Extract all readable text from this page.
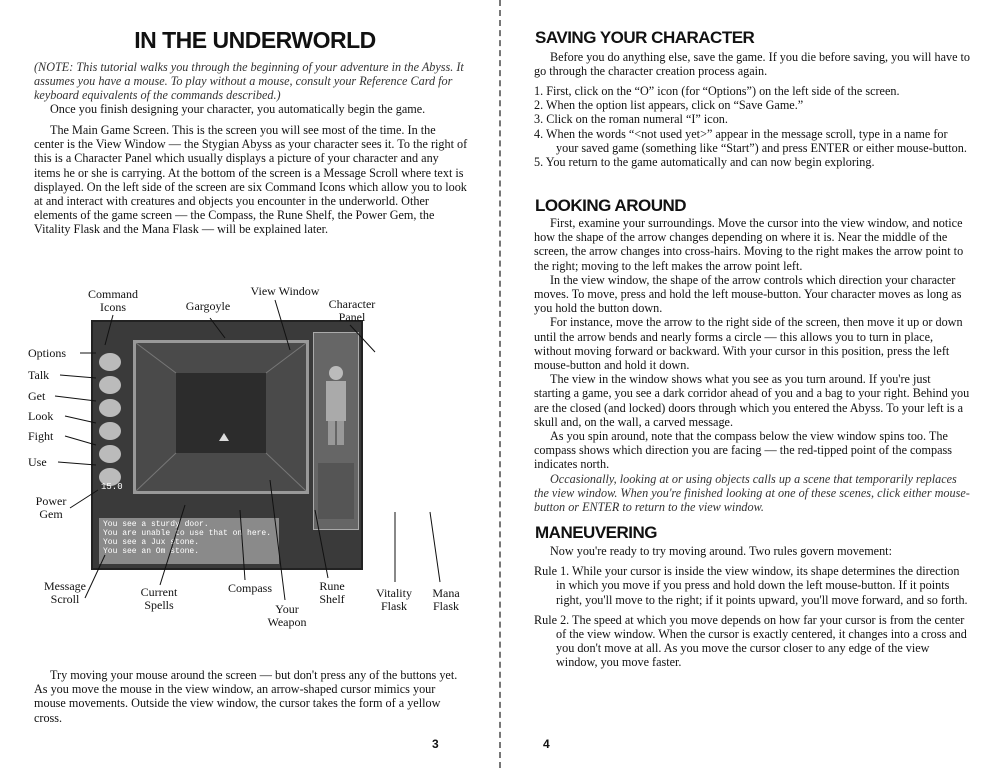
IN THE UNDERWORLD
(NOTE: This tutorial walks you through the beginning of your adventure in the Abyss. It assumes you have a mouse. To play without a mouse, consult your Reference Card for keyboard equivalents of the commands described.)

Once you finish designing your character, you automatically begin the game.

The Main Game Screen. This is the screen you will see most of the time. In the center is the View Window — the Stygian Abyss as your character sees it. To the right of this is a Character Panel which usually displays a picture of your character and any items he or she is carrying. At the bottom of the screen is a Message Scroll where text is displayed. On the left side of the screen are six Command Icons which allow you to look at and interact with creatures and objects you encounter in the underworld. Other elements of the game screen — the Compass, the Rune Shelf, the Power Gem, the Vitality Flask and the Mana Flask — will be explained later.

15.0
You see a sturdy door.
You are unable to use that on here.
You see a Jux stone.
You see an Om stone.
Command Icons	Gargoyle
View Window
Character Panel
Options
Talk
Get
Look
Fight
Use
Power Gem
Message Scroll	Current Spells
Compass
Your Weapon
Rune Shelf	Vitality Flask
Mana Flask

Try moving your mouse around the screen — but don't press any of the buttons yet. As you move the mouse in the view window, an arrow-shaped cursor mimics your mouse movements. Outside the view window, the cursor takes the form of a yellow cross.

3
SAVING YOUR CHARACTER

Before you do anything else, save the game. If you die before saving, you will have to go through the character creation process again.

1. First, click on the “O” icon (for “Options”) on the left side of the screen.
2. When the option list appears, click on “Save Game.”
3. Click on the roman numeral “I” icon.
4. When the words “<not used yet>” appear in the message scroll, type in a name for your saved game (something like “Start”) and press ENTER or either mouse-button.
5. You return to the game automatically and can now begin exploring.
LOOKING AROUND

First, examine your surroundings. Move the cursor into the view window, and notice how the shape of the arrow changes depending on where it is. Near the middle of the screen, the arrow changes into cross-hairs. Moving to the right makes the arrow point to the right; moving to the left makes the arrow point left.

In the view window, the shape of the arrow controls which direction your character moves. To move, press and hold the left mouse-button. Your character moves as long as you hold the button down.

For instance, move the arrow to the right side of the screen, then move it up or down until the arrow bends and nearly forms a circle — this allows you to turn in place, without moving forward or backward. With your cursor in this position, press the left mouse-button and hold it down.

The view in the window shows what you see as you turn around. If you're just starting a game, you see a dark corridor ahead of you and a bag to your right. Behind you are the closed (and locked) doors through which you entered the Abyss. To your left is a skull and, on the wall, a carved message.

As you spin around, note that the compass below the view window spins too. The compass shows which direction you are facing — the red-tipped point of the compass indicates north.

Occasionally, looking at or using objects calls up a scene that temporarily replaces the view window. When you're finished looking at one of these scenes, click either mouse-button or ENTER to return to the view window.

MANEUVERING

Now you're ready to try moving around. Two rules govern movement:

Rule 1. While your cursor is inside the view window, its shape determines the direction in which you move if you press and hold down the left mouse-button. If it points right, you'll move to the right; if it points upward, you'll move forward, and so forth.

Rule 2. The speed at which you move depends on how far your cursor is from the center of the view window. When the cursor is exactly centered, it changes into a cross and you don't move at all. As you move the cursor closer to any edge of the view window, you move faster.

4
